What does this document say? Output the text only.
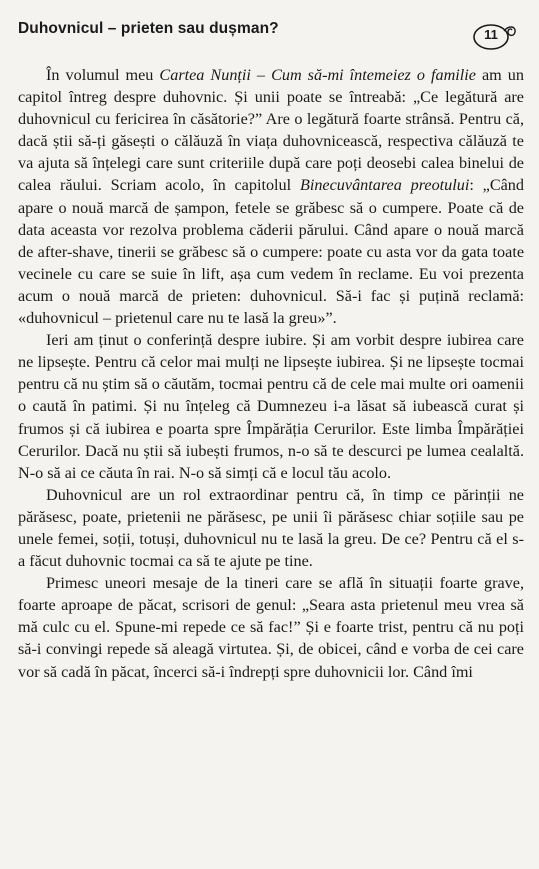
Duhovnicul – prieten sau dușman?	11

În volumul meu Cartea Nunții – Cum să-mi întemeiez o familie am un capitol întreg despre duhovnic. Și unii poate se întreabă: „Ce legătură are duhovnicul cu fericirea în căsătorie?” Are o legătură foarte strânsă. Pentru că, dacă știi să-ți găsești o călăuză în viața duhovnicească, respectiva călăuză te va ajuta să înțelegi care sunt criteriile după care poți deosebi calea binelui de calea răului. Scriam acolo, în capitolul Binecuvântarea preotului: „Când apare o nouă marcă de șampon, fetele se grăbesc să o cumpere. Poate că de data aceasta vor rezolva problema căderii părului. Când apare o nouă marcă de after-shave, tinerii se grăbesc să o cumpere: poate cu asta vor da gata toate vecinele cu care se suie în lift, așa cum vedem în reclame. Eu voi prezenta acum o nouă marcă de prieten: duhovnicul. Să-i fac și puțină reclamă: «duhovnicul – prietenul care nu te lasă la greu»”.

Ieri am ținut o conferință despre iubire. Și am vorbit despre iubirea care ne lipsește. Pentru că celor mai mulți ne lipsește iubirea. Și ne lipsește tocmai pentru că nu știm să o căutăm, tocmai pentru că de cele mai multe ori oamenii o caută în patimi. Și nu înțeleg că Dumnezeu i-a lăsat să iubească curat și frumos și că iubirea e poarta spre Împărăția Cerurilor. Este limba Împărăției Cerurilor. Dacă nu știi să iubești frumos, n-o să te descurci pe lumea cealaltă. N-o să ai ce căuta în rai. N-o să simți că e locul tău acolo.

Duhovnicul are un rol extraordinar pentru că, în timp ce părinții ne părăsesc, poate, prietenii ne părăsesc, pe unii îi părăsesc chiar soțiile sau pe unele femei, soții, totuși, duhovnicul nu te lasă la greu. De ce? Pentru că el s-a făcut duhovnic tocmai ca să te ajute pe tine.

Primesc uneori mesaje de la tineri care se află în situații foarte grave, foarte aproape de păcat, scrisori de genul: „Seara asta prietenul meu vrea să mă culc cu el. Spune-mi repede ce să fac!” Și e foarte trist, pentru că nu poți să-i convingi repede să aleagă virtutea. Și, de obicei, când e vorba de cei care vor să cadă în păcat, încerci să-i îndrepți spre duhovnicii lor. Când îmi
